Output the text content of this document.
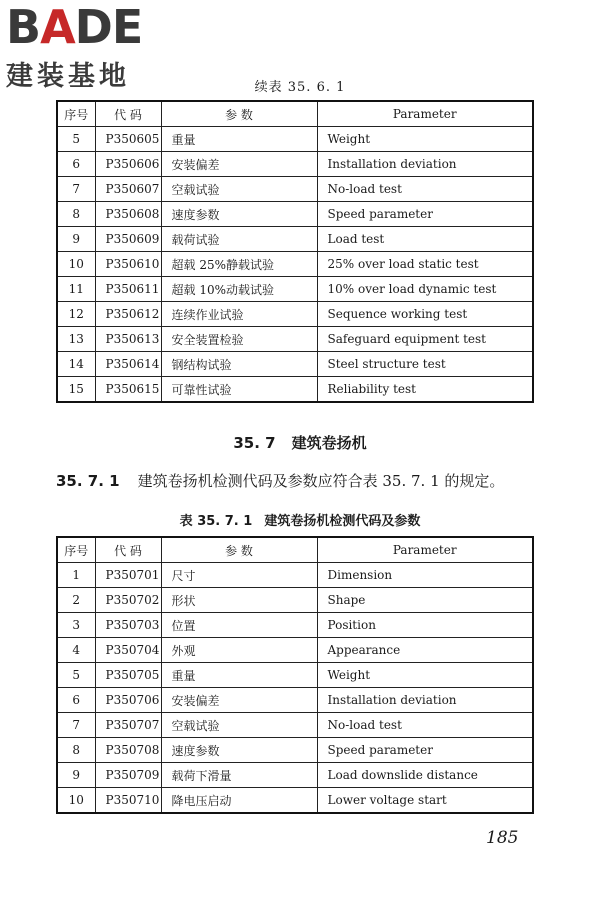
BADE
建装基地	续表 35. 6. 1
序号	代 码	参 数	Parameter
5	P350605	重量	Weight
6	P350606	安装偏差	Installation deviation
7	P350607	空载试验	No-load test
8	P350608	速度参数	Speed parameter
9	P350609	载荷试验	Load test
10	P350610	超载 25%静载试验	25% over load static test
11	P350611	超载 10%动载试验	10% over load dynamic test
12	P350612	连续作业试验	Sequence working test
13	P350613	安全装置检验	Safeguard equipment test
14	P350614	钢结构试验	Steel structure test
15	P350615	可靠性试验	Reliability test
35. 7 建筑卷扬机
35. 7. 1 建筑卷扬机检测代码及参数应符合表 35. 7. 1 的规定。
表 35. 7. 1 建筑卷扬机检测代码及参数
序号	代 码	参 数	Parameter
1	P350701	尺寸	Dimension
2	P350702	形状	Shape
3	P350703	位置	Position
4	P350704	外观	Appearance
5	P350705	重量	Weight
6	P350706	安装偏差	Installation deviation
7	P350707	空载试验	No-load test
8	P350708	速度参数	Speed parameter
9	P350709	载荷下滑量	Load downslide distance
10	P350710	降电压启动	Lower voltage start
185
